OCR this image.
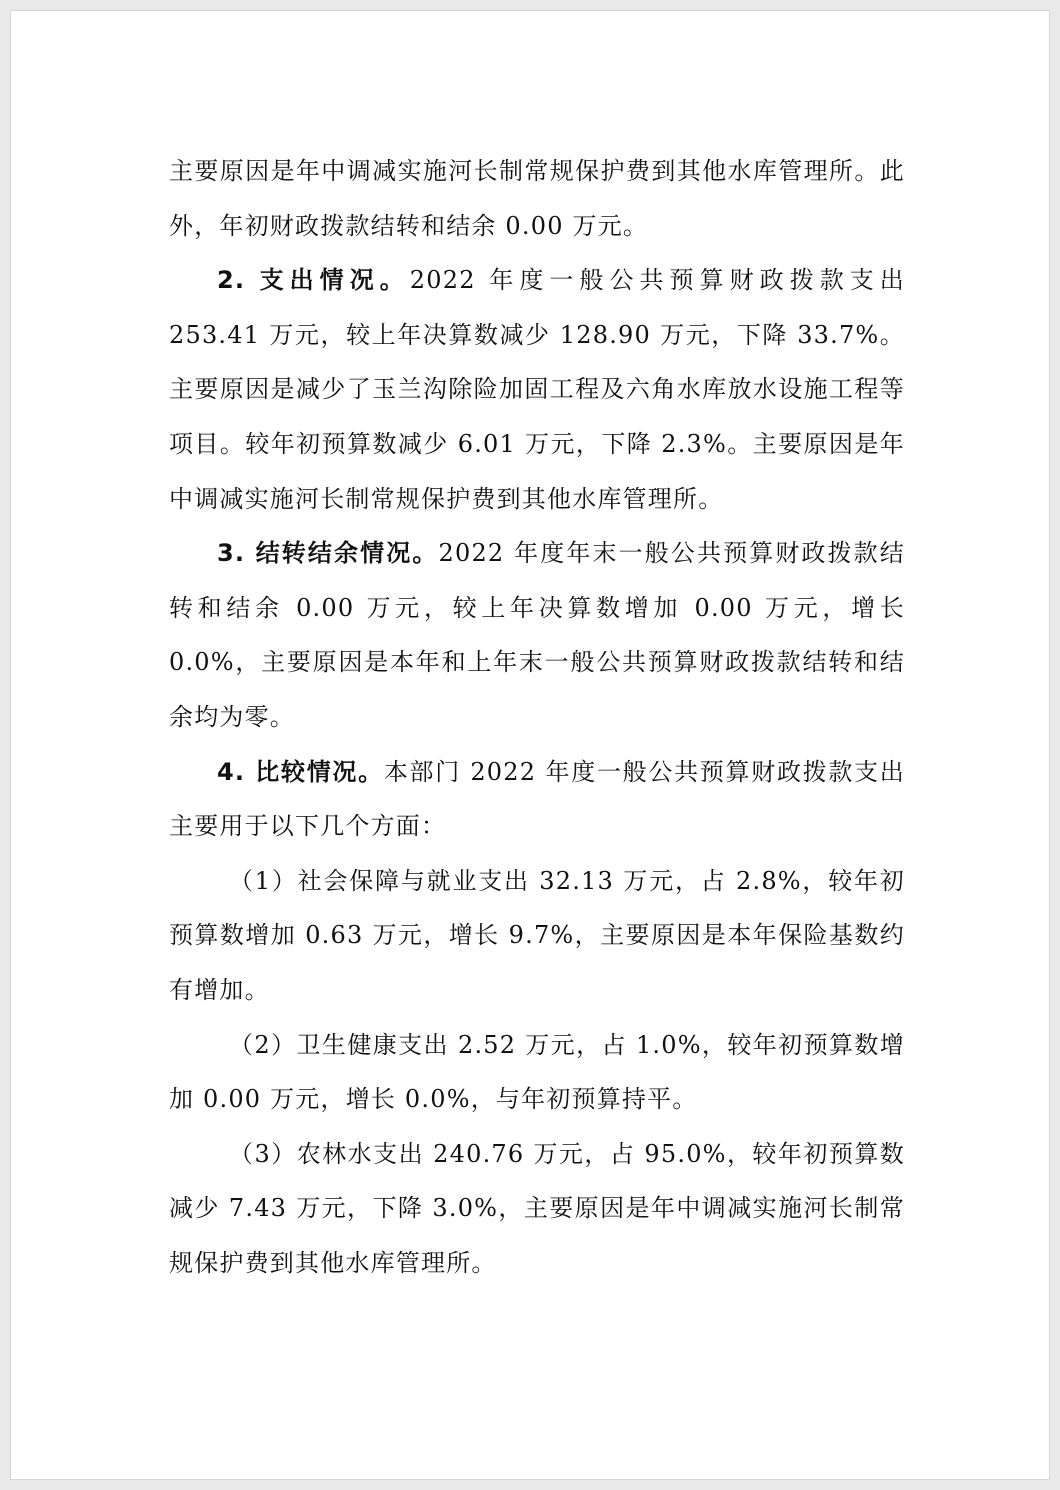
主要原因是年中调减实施河长制常规保护费到其他水库管理所。此外，年初财政拨款结转和结余 0.00 万元。

2. 支出情况。2022 年度一般公共预算财政拨款支出 253.41 万元，较上年决算数减少 128.90 万元，下降 33.7%。主要原因是减少了玉兰沟除险加固工程及六角水库放水设施工程等项目。较年初预算数减少 6.01 万元，下降 2.3%。主要原因是年中调减实施河长制常规保护费到其他水库管理所。

3. 结转结余情况。2022 年度年末一般公共预算财政拨款结转和结余 0.00 万元，较上年决算数增加 0.00 万元，增长 0.0%，主要原因是本年和上年末一般公共预算财政拨款结转和结余均为零。

4. 比较情况。本部门 2022 年度一般公共预算财政拨款支出主要用于以下几个方面：

（1）社会保障与就业支出 32.13 万元，占 2.8%，较年初预算数增加 0.63 万元，增长 9.7%，主要原因是本年保险基数约有增加。

（2）卫生健康支出 2.52 万元，占 1.0%，较年初预算数增加 0.00 万元，增长 0.0%，与年初预算持平。

（3）农林水支出 240.76 万元，占 95.0%，较年初预算数减少 7.43 万元，下降 3.0%，主要原因是年中调减实施河长制常规保护费到其他水库管理所。
